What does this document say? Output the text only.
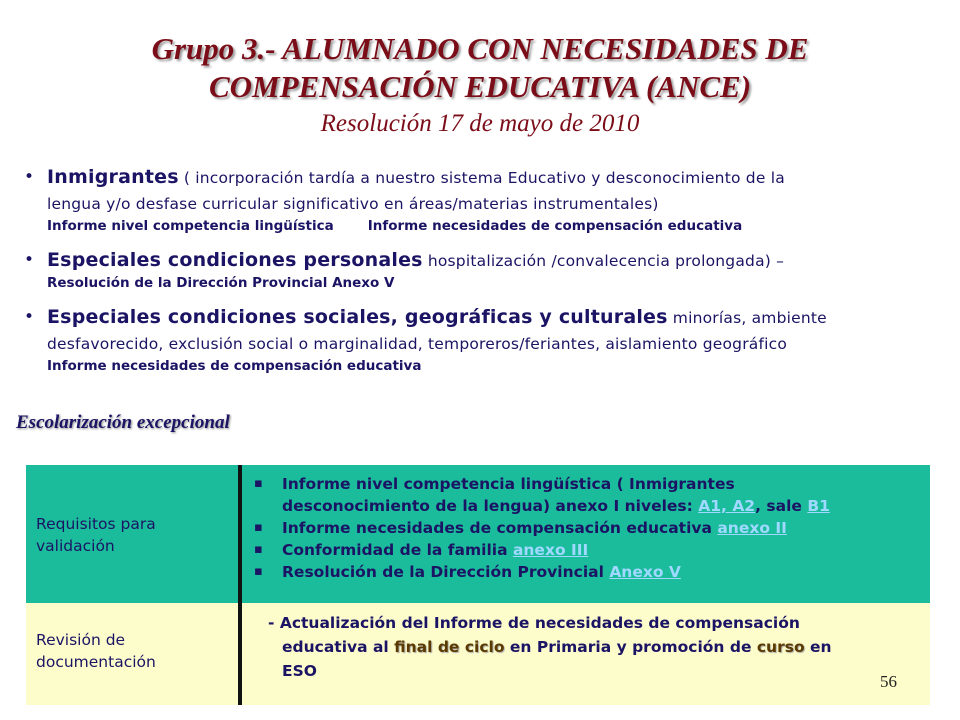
Grupo 3.- ALUMNADO CON NECESIDADES DE
COMPENSACIÓN EDUCATIVA (ANCE)
Resolución 17 de mayo de 2010
• Inmigrantes ( incorporación tardía a nuestro sistema Educativo y desconocimiento de la
lengua y/o desfase curricular significativo en áreas/materias instrumentales)
Informe nivel competencia lingüística	Informe necesidades de compensación educativa
• Especiales condiciones personales hospitalización /convalecencia prolongada) –
Resolución de la Dirección Provincial Anexo V
• Especiales condiciones sociales, geográficas y culturales minorías, ambiente
desfavorecido, exclusión social o marginalidad, temporeros/feriantes, aislamiento geográfico
Informe necesidades de compensación educativa
Escolarización excepcional
Requisitos para validación
▪ Informe nivel competencia lingüística ( Inmigrantes
desconocimiento de la lengua) anexo I niveles: A1, A2, sale B1
▪ Informe necesidades de compensación educativa anexo II
▪ Conformidad de la familia anexo III
▪ Resolución de la Dirección Provincial Anexo V
Revisión de documentación
- Actualización del Informe de necesidades de compensación
educativa al final de ciclo en Primaria y promoción de curso en
ESO
56
